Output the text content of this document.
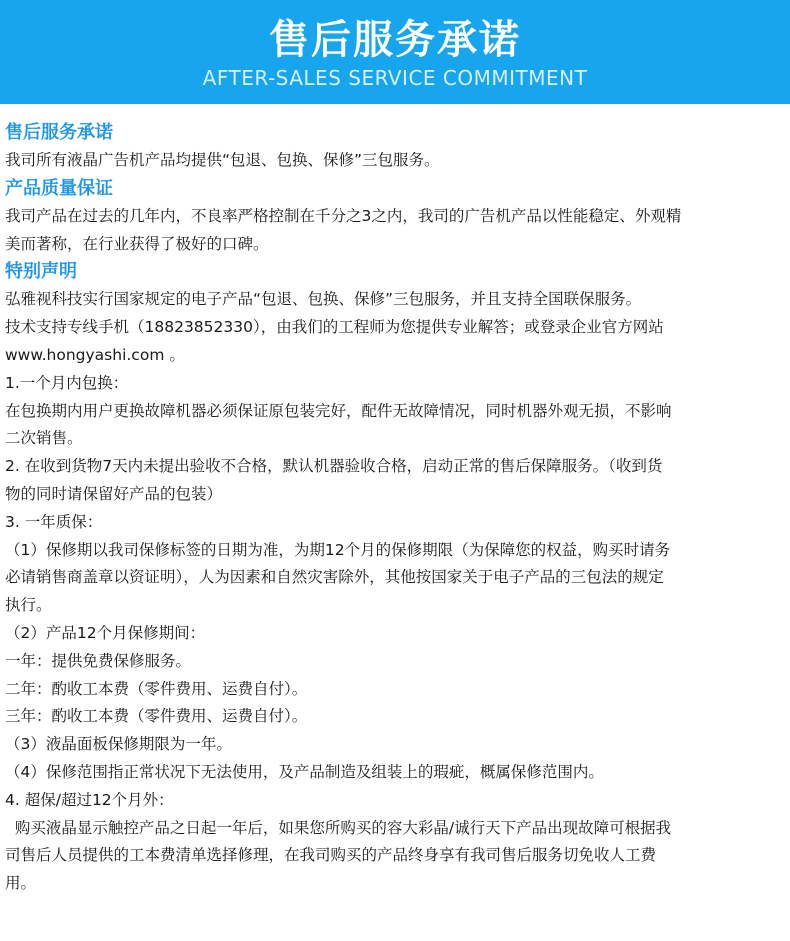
售后服务承诺
AFTER-SALES SERVICE COMMITMENT
售后服务承诺
我司所有液晶广告机产品均提供“包退、包换、保修”三包服务。
产品质量保证
我司产品在过去的几年内，不良率严格控制在千分之3之内，我司的广告机产品以性能稳定、外观精
美而著称，在行业获得了极好的口碑。
特别声明
弘雅视科技实行国家规定的电子产品“包退、包换、保修”三包服务，并且支持全国联保服务。
技术支持专线手机（18823852330），由我们的工程师为您提供专业解答；或登录企业官方网站
www.hongyashi.com 。
1.一个月内包换：
在包换期内用户更换故障机器必须保证原包装完好，配件无故障情况，同时机器外观无损，不影响
二次销售。
2. 在收到货物7天内未提出验收不合格，默认机器验收合格，启动正常的售后保障服务。（收到货
物的同时请保留好产品的包装）
3. 一年质保：
（1）保修期以我司保修标签的日期为准，为期12个月的保修期限（为保障您的权益，购买时请务
必请销售商盖章以资证明），人为因素和自然灾害除外，其他按国家关于电子产品的三包法的规定
执行。
（2）产品12个月保修期间：
一年：提供免费保修服务。
二年：酌收工本费（零件费用、运费自付）。
三年：酌收工本费（零件费用、运费自付）。
（3）液晶面板保修期限为一年。
（4）保修范围指正常状况下无法使用，及产品制造及组装上的瑕疵，概属保修范围内。
4. 超保/超过12个月外：
购买液晶显示触控产品之日起一年后，如果您所购买的容大彩晶/诚行天下产品出现故障可根据我
司售后人员提供的工本费清单选择修理，在我司购买的产品终身享有我司售后服务切免收人工费
用。
